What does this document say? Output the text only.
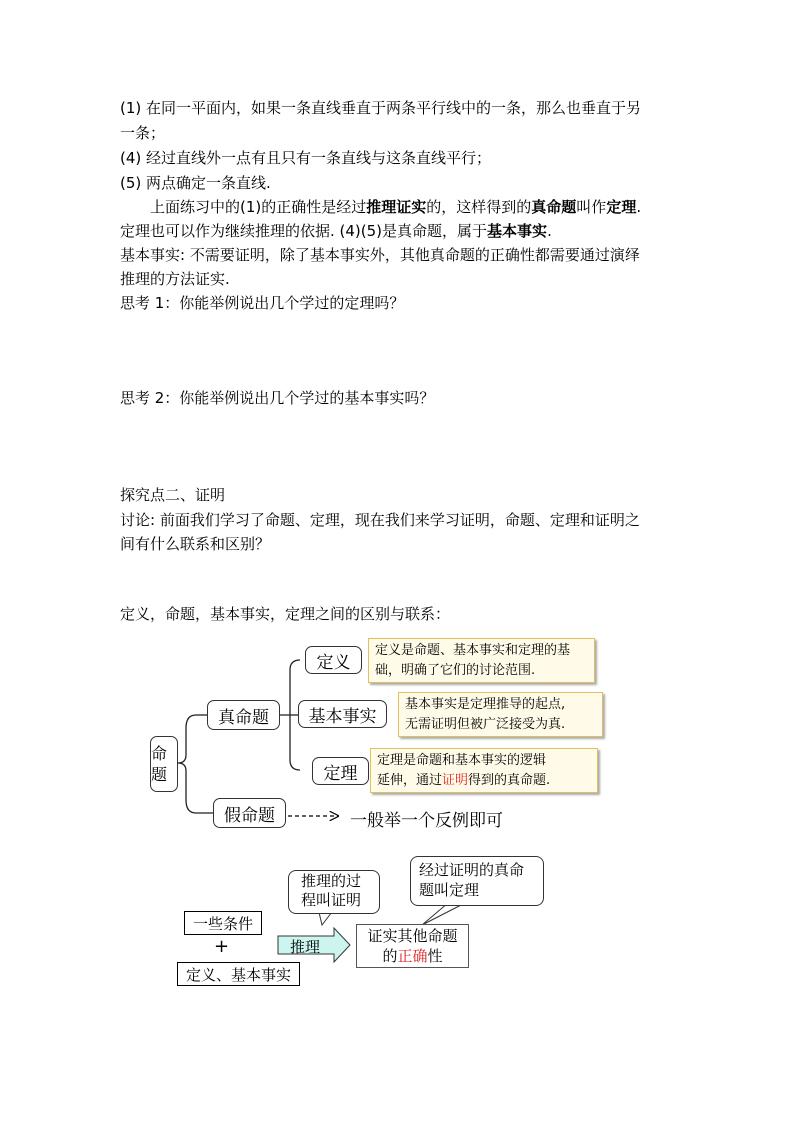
(1) 在同一平面内，如果一条直线垂直于两条平行线中的一条，那么也垂直于另
一条；
(4) 经过直线外一点有且只有一条直线与这条直线平行；
(5) 两点确定一条直线.
上面练习中的(1)的正确性是经过推理证实的，这样得到的真命题叫作定理.
定理也可以作为继续推理的依据. (4)(5)是真命题，属于基本事实.
基本事实: 不需要证明，除了基本事实外，其他真命题的正确性都需要通过演绎
推理的方法证实.
思考 1：你能举例说出几个学过的定理吗？
思考 2：你能举例说出几个学过的基本事实吗？
探究点二、证明
讨论: 前面我们学习了命题、定理，现在我们来学习证明，命题、定理和证明之
间有什么联系和区别？
定义，命题，基本事实，定理之间的区别与联系：
命题
真命题
假命题
定义
基本事实
定理
定义是命题、基本事实和定理的基
础，明确了它们的讨论范围.
基本事实是定理推导的起点,
无需证明但被广泛接受为真.
定理是命题和基本事实的逻辑
延伸，通过证明得到的真命题.
一般举一个反例即可
一些条件
+
定义、基本事实
推理
推理的过
程叫证明
经过证明的真命
题叫定理
证实其他命题
的正确性
